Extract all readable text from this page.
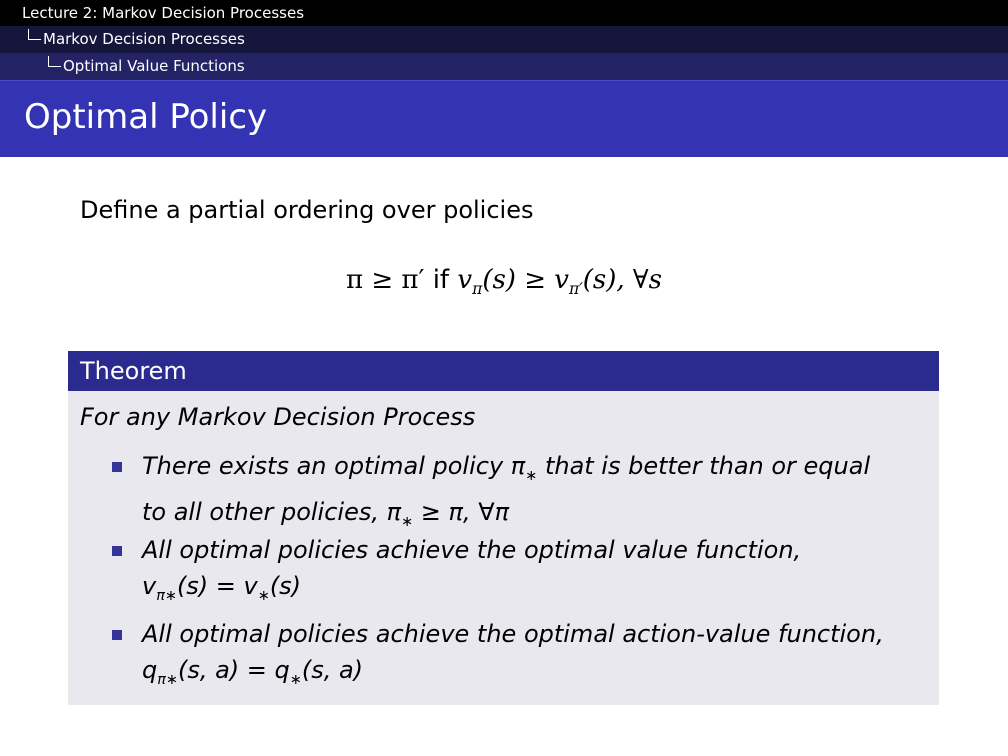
Lecture 2: Markov Decision Processes
Markov Decision Processes
Optimal Value Functions
Optimal Policy
Define a partial ordering over policies
π ≥ π′ if $v_\pi(s) \ge v_{\pi'}(s)$, ∀s
Theorem
For any Markov Decision Process
There exists an optimal policy $\pi_∗$ that is better than or equal
to all other policies, $\pi_∗ \ge \pi$, ∀π
All optimal policies achieve the optimal value function,
$v_{\pi∗}(s) = v_∗(s)$
All optimal policies achieve the optimal action-value function,
$q_{\pi∗}(s$, $a) = q_∗(s$, a)
